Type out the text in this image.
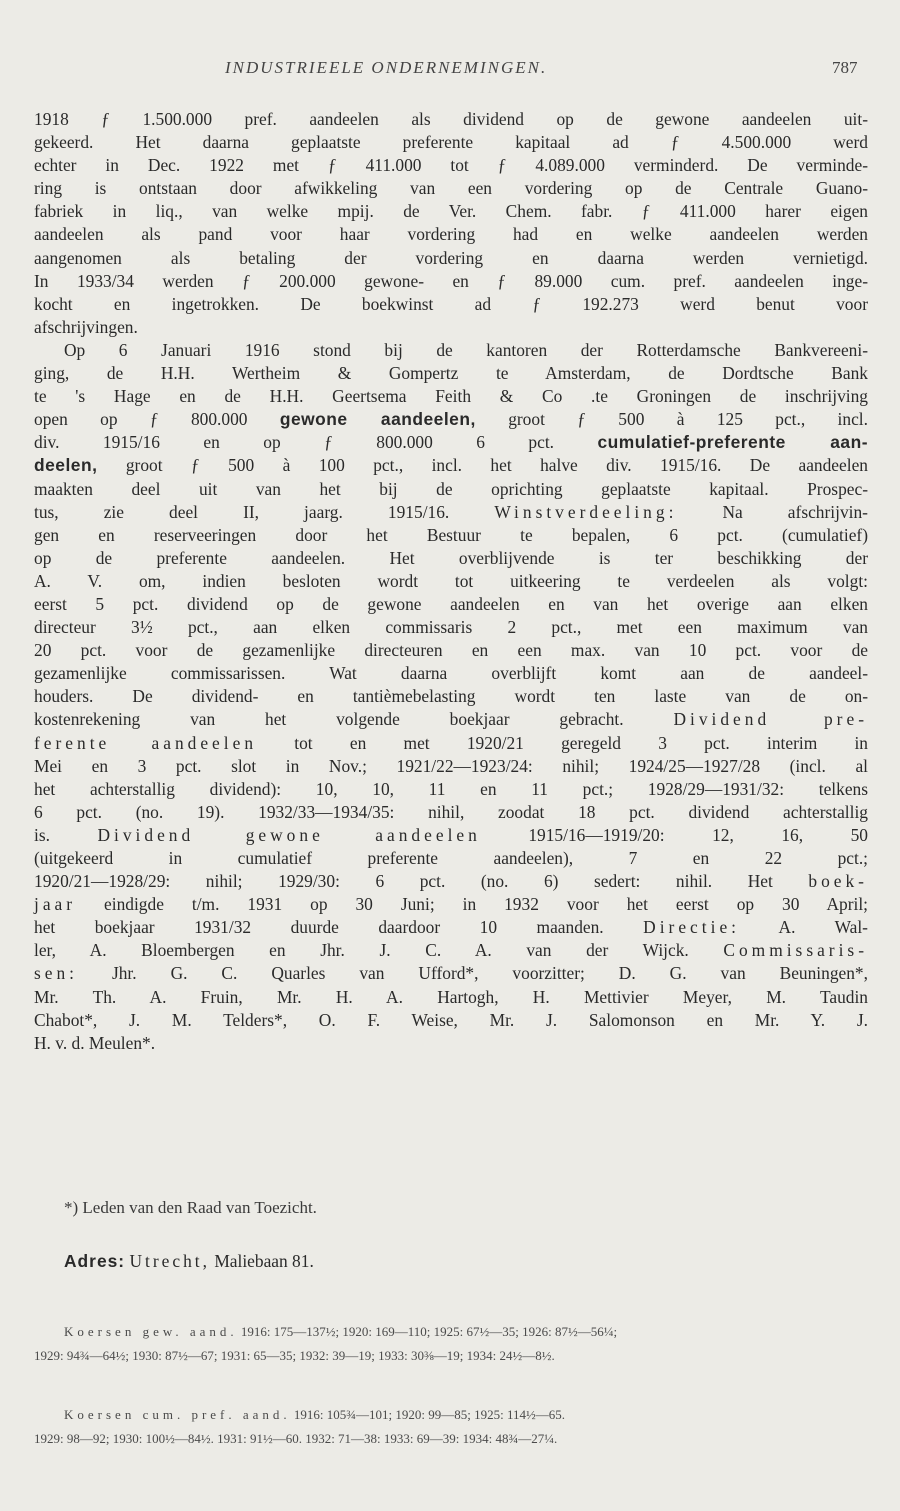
INDUSTRIEELE ONDERNEMINGEN.	787
1918 ƒ 1.500.000 pref. aandeelen als dividend op de gewone aandeelen uit-
gekeerd. Het daarna geplaatste preferente kapitaal ad ƒ 4.500.000 werd
echter in Dec. 1922 met ƒ 411.000 tot ƒ 4.089.000 verminderd. De verminde-
ring is ontstaan door afwikkeling van een vordering op de Centrale Guano-
fabriek in liq., van welke mpij. de Ver. Chem. fabr. ƒ 411.000 harer eigen
aandeelen als pand voor haar vordering had en welke aandeelen werden
aangenomen als betaling der vordering en daarna werden vernietigd.
In 1933/34 werden ƒ 200.000 gewone- en ƒ 89.000 cum. pref. aandeelen inge-
kocht en ingetrokken. De boekwinst ad ƒ 192.273 werd benut voor
afschrijvingen.
Op 6 Januari 1916 stond bij de kantoren der Rotterdamsche Bankvereeni-
ging, de H.H. Wertheim & Gompertz te Amsterdam, de Dordtsche Bank
te 's Hage en de H.H. Geertsema Feith & Co .te Groningen de inschrijving
open op ƒ 800.000 gewone aandeelen, groot ƒ 500 à 125 pct., incl.
div. 1915/16 en op ƒ 800.000 6 pct. cumulatief-preferente aan-
deelen, groot ƒ 500 à 100 pct., incl. het halve div. 1915/16. De aandeelen
maakten deel uit van het bij de oprichting geplaatste kapitaal. Prospec-
tus, zie deel II, jaarg. 1915/16.	Winstverdeeling:	Na afschrijvin-
gen en reserveeringen door het Bestuur te bepalen, 6 pct. (cumulatief)
op de preferente aandeelen. Het overblijvende is ter beschikking der
A. V. om, indien besloten wordt tot uitkeering te verdeelen als volgt:
eerst 5 pct. dividend op de gewone aandeelen en van het overige aan elken
directeur 3½ pct., aan elken commissaris 2 pct., met een maximum van
20 pct. voor de gezamenlijke directeuren en een max. van 10 pct. voor de
gezamenlijke commissarissen. Wat daarna overblijft komt aan de aandeel-
houders. De dividend- en tantièmebelasting wordt ten laste van de on-
kostenrekening van het volgende boekjaar gebracht.	Dividend pre-
ferente aandeelen tot en met 1920/21 geregeld 3 pct. interim in
Mei en 3 pct. slot in Nov.; 1921/22—1923/24: nihil; 1924/25—1927/28 (incl. al
het achterstallig dividend): 10, 10, 11 en 11 pct.; 1928/29—1931/32: telkens
6 pct. (no. 19). 1932/33—1934/35: nihil, zoodat 18 pct. dividend achterstallig
is.	Dividend gewone aandeelen	1915/16—1919/20: 12, 16, 50
(uitgekeerd in cumulatief preferente aandeelen), 7 en 22 pct.;
1920/21—1928/29: nihil; 1929/30: 6 pct. (no. 6) sedert: nihil. Het boek-
jaar eindigde t/m. 1931 op 30 Juni; in 1932 voor het eerst op 30 April;
het boekjaar 1931/32 duurde daardoor 10 maanden. Directie: A. Wal-
ler, A. Bloembergen en Jhr. J. C. A. van der Wijck. Commissaris-
sen: Jhr. G. C. Quarles van Ufford*, voorzitter; D. G. van Beuningen*,
Mr. Th. A. Fruin, Mr. H. A. Hartogh, H. Mettivier Meyer, M. Taudin
Chabot*, J. M. Telders*, O. F. Weise, Mr. J. Salomonson en Mr. Y. J.
H. v. d. Meulen*.
*) Leden van den Raad van Toezicht.
Adres: Utrecht, Maliebaan 81.
Koersen gew. aand. 1916: 175—137½; 1920: 169—110; 1925: 67½—35; 1926: 87½—56¼;
1929: 94¾—64½; 1930: 87½—67; 1931: 65—35; 1932: 39—19; 1933: 30⅜—19; 1934: 24½—8½.
Koersen cum. pref. aand. 1916: 105¾—101; 1920: 99—85; 1925: 114½—65.
1929: 98—92; 1930: 100½—84½. 1931: 91½—60. 1932: 71—38: 1933: 69—39: 1934: 48¾—27¼.
